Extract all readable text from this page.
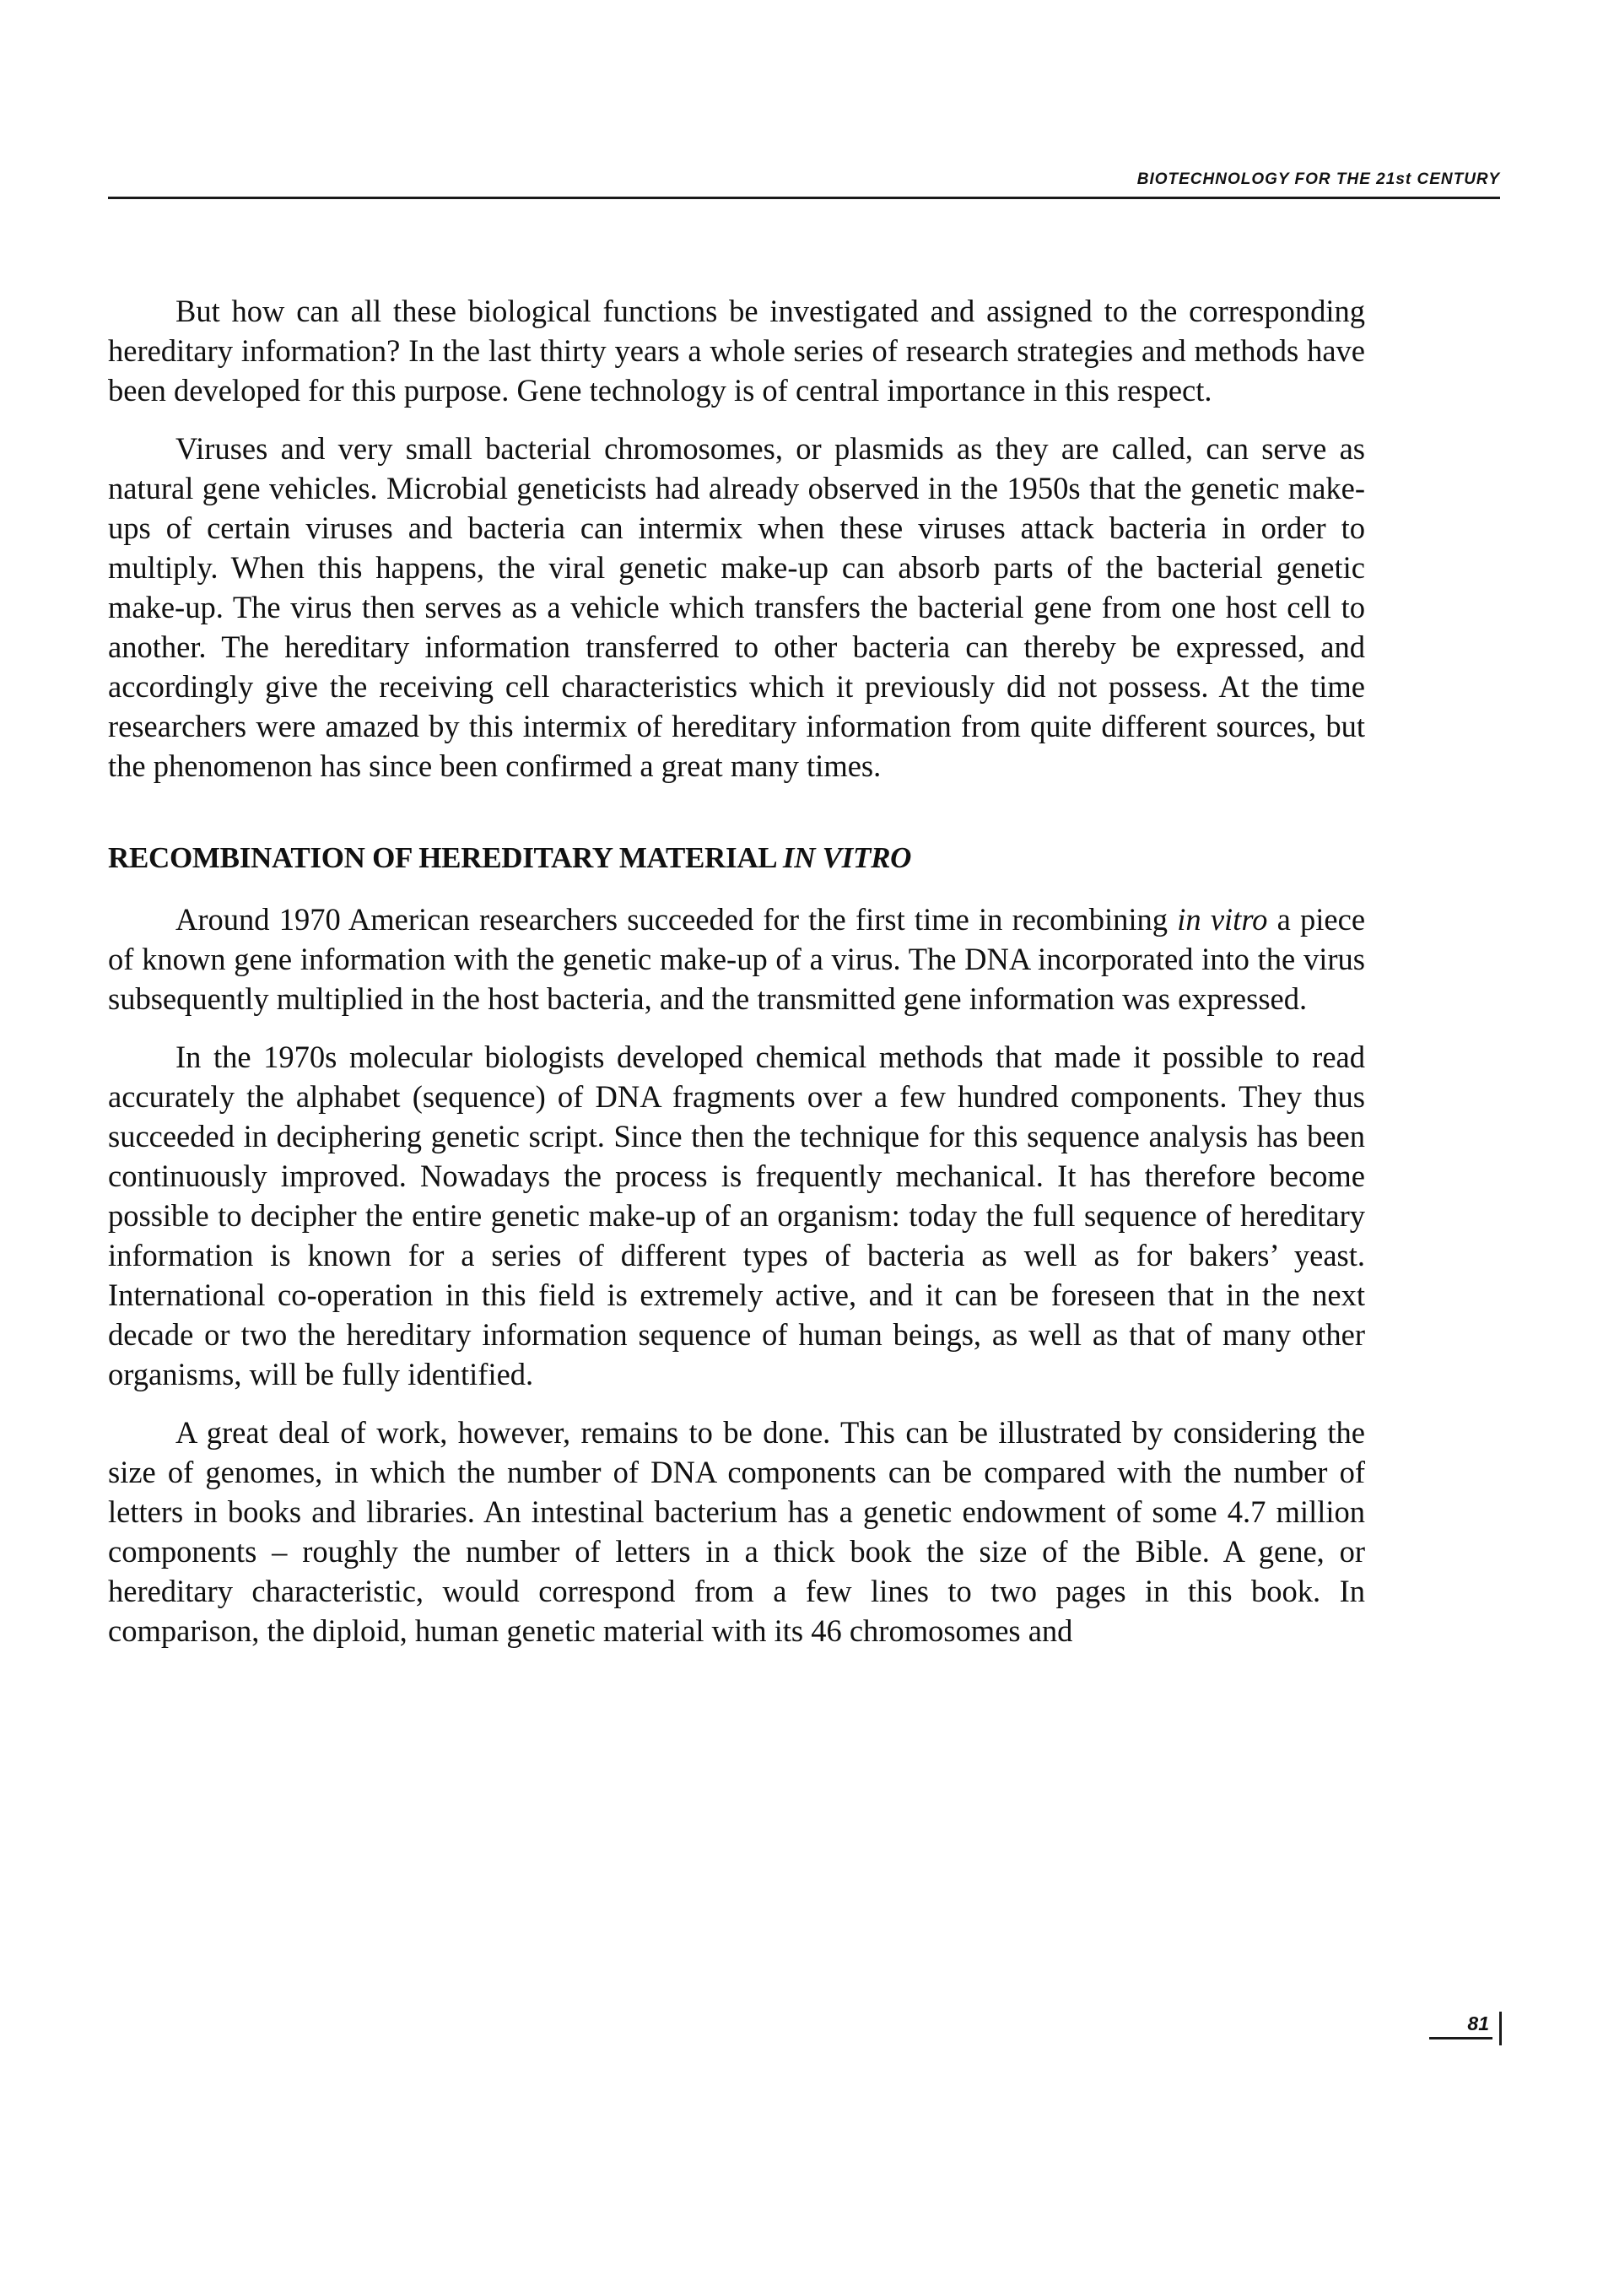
BIOTECHNOLOGY FOR THE 21st CENTURY

But how can all these biological functions be investigated and assigned to the corresponding hereditary information? In the last thirty years a whole series of research strategies and methods have been developed for this purpose. Gene technology is of central importance in this respect.

Viruses and very small bacterial chromosomes, or plasmids as they are called, can serve as natural gene vehicles. Microbial geneticists had already observed in the 1950s that the genetic make-ups of certain viruses and bacteria can intermix when these viruses attack bacteria in order to multiply. When this happens, the viral genetic make-up can absorb parts of the bacterial genetic make-up. The virus then serves as a vehicle which transfers the bacterial gene from one host cell to another. The hereditary information transferred to other bacteria can thereby be expressed, and accordingly give the receiving cell characteristics which it previously did not possess. At the time researchers were amazed by this intermix of hereditary information from quite different sources, but the phenomenon has since been confirmed a great many times.

RECOMBINATION OF HEREDITARY MATERIAL IN VITRO

Around 1970 American researchers succeeded for the first time in recombining in vitro a piece of known gene information with the genetic make-up of a virus. The DNA incorporated into the virus subsequently multiplied in the host bacteria, and the transmitted gene information was expressed.

In the 1970s molecular biologists developed chemical methods that made it possible to read accurately the alphabet (sequence) of DNA fragments over a few hundred components. They thus succeeded in deciphering genetic script. Since then the technique for this sequence analysis has been continuously improved. Nowadays the process is frequently mechanical. It has therefore become possible to decipher the entire genetic make-up of an organism: today the full sequence of hereditary information is known for a series of different types of bacteria as well as for bakers’ yeast. International co-operation in this field is extremely active, and it can be foreseen that in the next decade or two the hereditary information sequence of human beings, as well as that of many other organisms, will be fully identified.

A great deal of work, however, remains to be done. This can be illustrated by considering the size of genomes, in which the number of DNA components can be compared with the number of letters in books and libraries. An intestinal bacterium has a genetic endowment of some 4.7 million components – roughly the number of letters in a thick book the size of the Bible. A gene, or hereditary characteristic, would correspond from a few lines to two pages in this book. In comparison, the diploid, human genetic material with its 46 chromosomes and

81
